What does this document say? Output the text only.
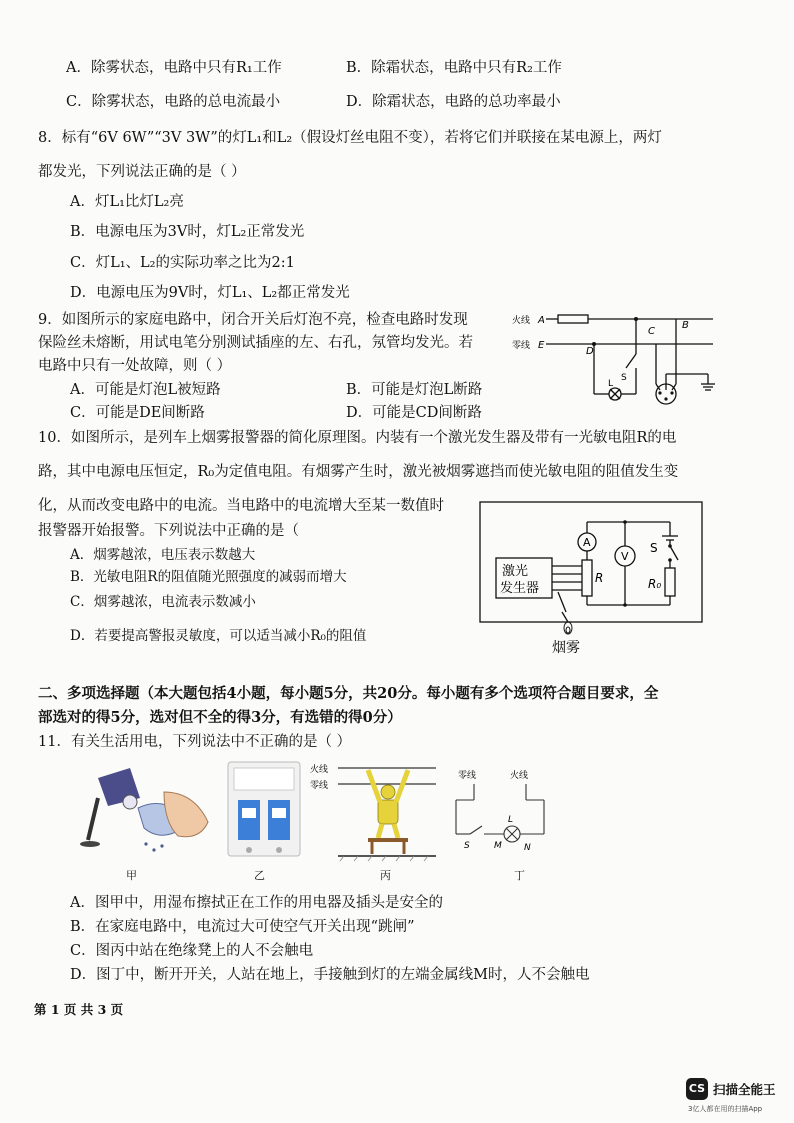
A．除雾状态，电路中只有R₁工作	B．除霜状态，电路中只有R₂工作
C．除雾状态，电路的总电流最小	D．除霜状态，电路的总功率最小
8．标有“6V 6W”“3V 3W”的灯L₁和L₂（假设灯丝电阻不变），若将它们并联接在某电源上，两灯
都发光，下列说法正确的是（ ）
A．灯L₁比灯L₂亮
B．电源电压为3V时，灯L₂正常发光
C．灯L₁、L₂的实际功率之比为2:1
D．电源电压为9V时，灯L₁、L₂都正常发光
9．如图所示的家庭电路中，闭合开关后灯泡不亮，检查电路时发现
保险丝未熔断，用试电笔分别测试插座的左、右孔，氖管均发光。若
电路中只有一处故障，则（ ）
A．可能是灯泡L被短路	B．可能是灯泡L断路
C．可能是DE间断路	D．可能是CD间断路
火线
零线
A
E
B
C
D
L
S
10．如图所示，是列车上烟雾报警器的简化原理图。内装有一个激光发生器及带有一光敏电阻R的电
路，其中电源电压恒定，R₀为定值电阻。有烟雾产生时，激光被烟雾遮挡而使光敏电阻的阻值发生变
化，从而改变电路中的电流。当电路中的电流增大至某一数值时
报警器开始报警。下列说法中正确的是（
A．烟雾越浓，电压表示数越大
B．光敏电阻R的阻值随光照强度的减弱而增大
C．烟雾越浓，电流表示数减小
D．若要提高警报灵敏度，可以适当减小R₀的阻值
A
V
S
R	R₀
激光
发生器
烟雾
二、多项选择题（本大题包括4小题，每小题5分，共20分。每小题有多个选项符合题目要求，全
部选对的得5分，选对但不全的得3分，有选错的得0分）
11．有关生活用电，下列说法中不正确的是（ ）
甲	乙
火线
零线
丙
零线	火线
L
S	M N
丁
A．图甲中，用湿布擦拭正在工作的用电器及插头是安全的
B．在家庭电路中，电流过大可使空气开关出现“跳闸”
C．图丙中站在绝缘凳上的人不会触电
D．图丁中，断开开关，人站在地上，手接触到灯的左端金属线M时，人不会触电
第 1 页 共 3 页
CS 扫描全能王
3亿人都在用的扫描App
